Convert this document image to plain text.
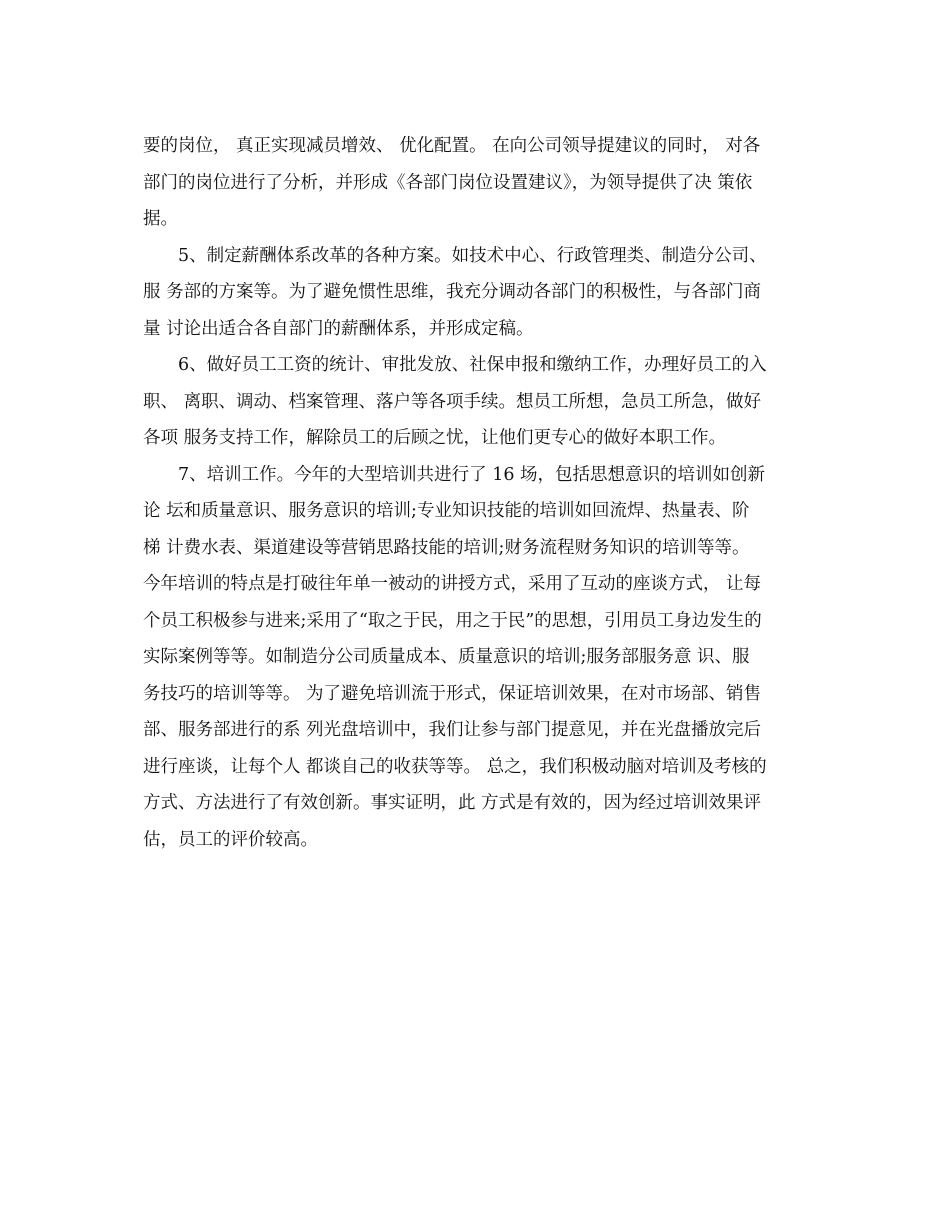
要的岗位， 真正实现减员增效、 优化配置。 在向公司领导提建议的同时， 对各
部门的岗位进行了分析，并形成《各部门岗位设置建议》，为领导提供了决 策依
据。
5、制定薪酬体系改革的各种方案。如技术中心、行政管理类、制造分公司、
服 务部的方案等。为了避免惯性思维，我充分调动各部门的积极性，与各部门商
量 讨论出适合各自部门的薪酬体系，并形成定稿。
6、做好员工工资的统计、审批发放、社保申报和缴纳工作，办理好员工的入
职、 离职、调动、档案管理、落户等各项手续。想员工所想，急员工所急，做好
各项 服务支持工作，解除员工的后顾之忧，让他们更专心的做好本职工作。
7、培训工作。今年的大型培训共进行了 16 场，包括思想意识的培训如创新
论 坛和质量意识、服务意识的培训;专业知识技能的培训如回流焊、热量表、阶
梯 计费水表、渠道建设等营销思路技能的培训;财务流程财务知识的培训等等。
今年培训的特点是打破往年单一被动的讲授方式，采用了互动的座谈方式， 让每
个员工积极参与进来;采用了“取之于民，用之于民”的思想，引用员工身边发生的
实际案例等等。如制造分公司质量成本、质量意识的培训;服务部服务意 识、服
务技巧的培训等等。 为了避免培训流于形式，保证培训效果，在对市场部、销售
部、服务部进行的系 列光盘培训中，我们让参与部门提意见，并在光盘播放完后
进行座谈，让每个人 都谈自己的收获等等。 总之，我们积极动脑对培训及考核的
方式、方法进行了有效创新。事实证明，此 方式是有效的，因为经过培训效果评
估，员工的评价较高。
